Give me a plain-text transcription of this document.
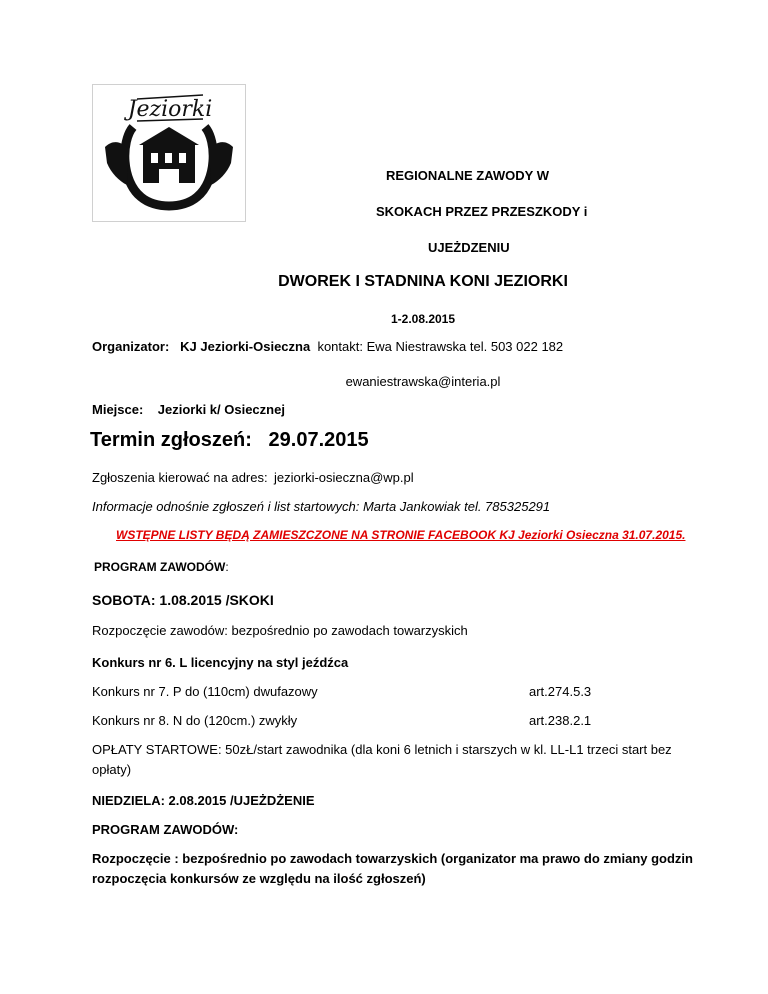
Jeziorki
REGIONALNE ZAWODY W
SKOKACH PRZEZ PRZESZKODY i
UJEŻDZENIU
DWOREK I STADNINA KONI JEZIORKI
1-2.08.2015
Organizator: KJ Jeziorki-Osieczna kontakt: Ewa Niestrawska tel. 503 022 182
ewaniestrawska@interia.pl
Miejsce: Jeziorki k/ Osiecznej
Termin zgłoszeń: 29.07.2015
Zgłoszenia kierować na adres: jeziorki-osieczna@wp.pl
Informacje odnośnie zgłoszeń i list startowych: Marta Jankowiak tel. 785325291
WSTĘPNE LISTY BĘDĄ ZAMIESZCZONE NA STRONIE FACEBOOK KJ Jeziorki Osieczna 31.07.2015.
PROGRAM ZAWODÓW:
SOBOTA: 1.08.2015 /SKOKI
Rozpoczęcie zawodów: bezpośrednio po zawodach towarzyskich
Konkurs nr 6. L licencyjny na styl jeźdźca
Konkurs nr 7. P do (110cm) dwufazowy	art.274.5.3
Konkurs nr 8. N do (120cm.) zwykły	art.238.2.1
OPŁATY STARTOWE: 50zŁ/start zawodnika (dla koni 6 letnich i starszych w kl. LL-L1 trzeci start bez
opłaty)
NIEDZIELA: 2.08.2015 /UJEŻDŻENIE
PROGRAM ZAWODÓW:
Rozpoczęcie : bezpośrednio po zawodach towarzyskich (organizator ma prawo do zmiany godzin
rozpoczęcia konkursów ze względu na ilość zgłoszeń)
